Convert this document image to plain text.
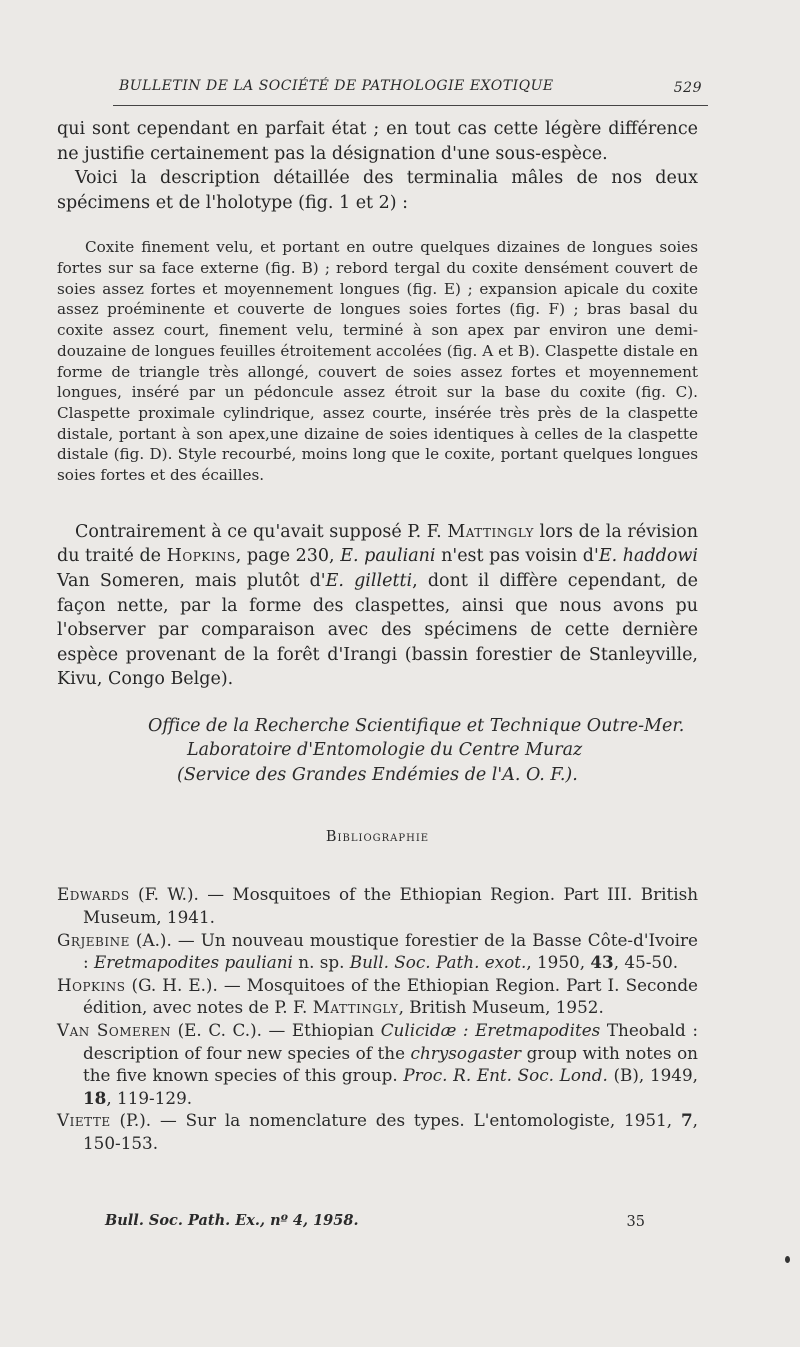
BULLETIN DE LA SOCIÉTÉ DE PATHOLOGIE EXOTIQUE	529

qui sont cependant en parfait état ; en tout cas cette légère différence ne justifie certainement pas la désignation d'une sous-espèce.

Voici la description détaillée des terminalia mâles de nos deux spécimens et de l'holotype (fig. 1 et 2) :

Coxite finement velu, et portant en outre quelques dizaines de longues soies fortes sur sa face externe (fig. B) ; rebord tergal du coxite densément couvert de soies assez fortes et moyennement longues (fig. E) ; expansion apicale du coxite assez proéminente et couverte de longues soies fortes (fig. F) ; bras basal du coxite assez court, finement velu, terminé à son apex par environ une demi-douzaine de longues feuilles étroitement accolées (fig. A et B). Claspette distale en forme de triangle très allongé, couvert de soies assez fortes et moyennement longues, inséré par un pédoncule assez étroit sur la base du coxite (fig. C). Claspette proximale cylindrique, assez courte, insérée très près de la claspette distale, portant à son apex,une dizaine de soies identiques à celles de la claspette distale (fig. D). Style recourbé, moins long que le coxite, portant quelques longues soies fortes et des écailles.

Contrairement à ce qu'avait supposé P. F. Mattingly lors de la révision du traité de Hopkins, page 230, E. pauliani n'est pas voisin d'E. haddowi Van Someren, mais plutôt d'E. gilletti, dont il diffère cependant, de façon nette, par la forme des claspettes, ainsi que nous avons pu l'observer par comparaison avec des spécimens de cette dernière espèce provenant de la forêt d'Irangi (bassin forestier de Stanleyville, Kivu, Congo Belge).

Office de la Recherche Scientifique et Technique Outre-Mer.
Laboratoire d'Entomologie du Centre Muraz
(Service des Grandes Endémies de l'A. O. F.).
Bibliographie

Edwards (F. W.). — Mosquitoes of the Ethiopian Region. Part III. British Museum, 1941.

Grjebine (A.). — Un nouveau moustique forestier de la Basse Côte-d'Ivoire : Eretmapodites pauliani n. sp. Bull. Soc. Path. exot., 1950, 43, 45-50.

Hopkins (G. H. E.). — Mosquitoes of the Ethiopian Region. Part I. Seconde édition, avec notes de P. F. Mattingly, British Museum, 1952.

Van Someren (E. C. C.). — Ethiopian Culicidæ : Eretmapodites Theobald : description of four new species of the chrysogaster group with notes on the five known species of this group. Proc. R. Ent. Soc. Lond. (B), 1949, 18, 119-129.

Viette (P.). — Sur la nomenclature des types. L'entomologiste, 1951, 7, 150-153.

Bull. Soc. Path. Ex., nº 4, 1958.	35
